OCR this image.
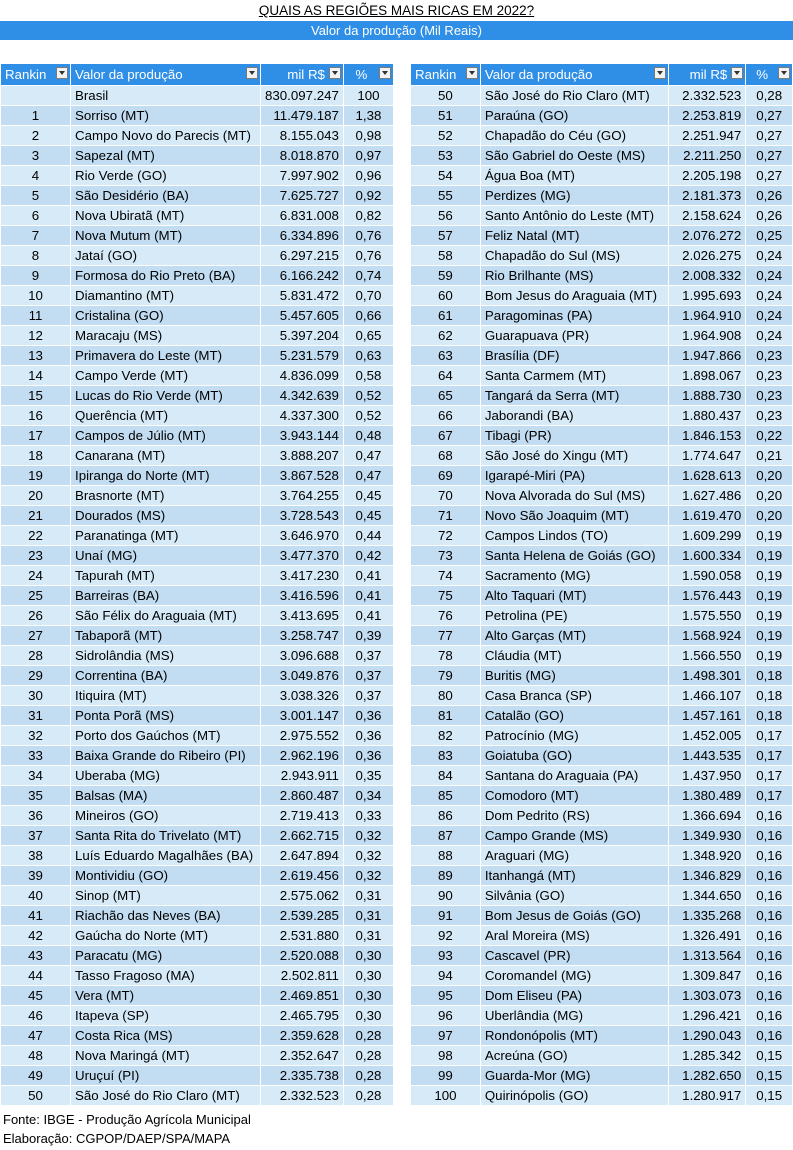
QUAIS AS REGIÕES MAIS RICAS EM 2022?
Valor da produção (Mil Reais)
Rankin	Valor da produção	mil R$	%

	Brasil	830.097.247	100
1	Sorriso (MT)	11.479.187	1,38
2	Campo Novo do Parecis (MT)	8.155.043	0,98
3	Sapezal (MT)	8.018.870	0,97
4	Rio Verde (GO)	7.997.902	0,96
5	São Desidério (BA)	7.625.727	0,92
6	Nova Ubiratã (MT)	6.831.008	0,82
7	Nova Mutum (MT)	6.334.896	0,76
8	Jataí (GO)	6.297.215	0,76
9	Formosa do Rio Preto (BA)	6.166.242	0,74
10	Diamantino (MT)	5.831.472	0,70
11	Cristalina (GO)	5.457.605	0,66
12	Maracaju (MS)	5.397.204	0,65
13	Primavera do Leste (MT)	5.231.579	0,63
14	Campo Verde (MT)	4.836.099	0,58
15	Lucas do Rio Verde (MT)	4.342.639	0,52
16	Querência (MT)	4.337.300	0,52
17	Campos de Júlio (MT)	3.943.144	0,48
18	Canarana (MT)	3.888.207	0,47
19	Ipiranga do Norte (MT)	3.867.528	0,47
20	Brasnorte (MT)	3.764.255	0,45
21	Dourados (MS)	3.728.543	0,45
22	Paranatinga (MT)	3.646.970	0,44
23	Unaí (MG)	3.477.370	0,42
24	Tapurah (MT)	3.417.230	0,41
25	Barreiras (BA)	3.416.596	0,41
26	São Félix do Araguaia (MT)	3.413.695	0,41
27	Tabaporã (MT)	3.258.747	0,39
28	Sidrolândia (MS)	3.096.688	0,37
29	Correntina (BA)	3.049.876	0,37
30	Itiquira (MT)	3.038.326	0,37
31	Ponta Porã (MS)	3.001.147	0,36
32	Porto dos Gaúchos (MT)	2.975.552	0,36
33	Baixa Grande do Ribeiro (PI)	2.962.196	0,36
34	Uberaba (MG)	2.943.911	0,35
35	Balsas (MA)	2.860.487	0,34
36	Mineiros (GO)	2.719.413	0,33
37	Santa Rita do Trivelato (MT)	2.662.715	0,32
38	Luís Eduardo Magalhães (BA)	2.647.894	0,32
39	Montividiu (GO)	2.619.456	0,32
40	Sinop (MT)	2.575.062	0,31
41	Riachão das Neves (BA)	2.539.285	0,31
42	Gaúcha do Norte (MT)	2.531.880	0,31
43	Paracatu (MG)	2.520.088	0,30
44	Tasso Fragoso (MA)	2.502.811	0,30
45	Vera (MT)	2.469.851	0,30
46	Itapeva (SP)	2.465.795	0,30
47	Costa Rica (MS)	2.359.628	0,28
48	Nova Maringá (MT)	2.352.647	0,28
49	Uruçuí (PI)	2.335.738	0,28
50	São José do Rio Claro (MT)	2.332.523	0,28
Rankin	Valor da produção	mil R$	%

50	São José do Rio Claro (MT)	2.332.523	0,28
51	Paraúna (GO)	2.253.819	0,27
52	Chapadão do Céu (GO)	2.251.947	0,27
53	São Gabriel do Oeste (MS)	2.211.250	0,27
54	Água Boa (MT)	2.205.198	0,27
55	Perdizes (MG)	2.181.373	0,26
56	Santo Antônio do Leste (MT)	2.158.624	0,26
57	Feliz Natal (MT)	2.076.272	0,25
58	Chapadão do Sul (MS)	2.026.275	0,24
59	Rio Brilhante (MS)	2.008.332	0,24
60	Bom Jesus do Araguaia (MT)	1.995.693	0,24
61	Paragominas (PA)	1.964.910	0,24
62	Guarapuava (PR)	1.964.908	0,24
63	Brasília (DF)	1.947.866	0,23
64	Santa Carmem (MT)	1.898.067	0,23
65	Tangará da Serra (MT)	1.888.730	0,23
66	Jaborandi (BA)	1.880.437	0,23
67	Tibagi (PR)	1.846.153	0,22
68	São José do Xingu (MT)	1.774.647	0,21
69	Igarapé-Miri (PA)	1.628.613	0,20
70	Nova Alvorada do Sul (MS)	1.627.486	0,20
71	Novo São Joaquim (MT)	1.619.470	0,20
72	Campos Lindos (TO)	1.609.299	0,19
73	Santa Helena de Goiás (GO)	1.600.334	0,19
74	Sacramento (MG)	1.590.058	0,19
75	Alto Taquari (MT)	1.576.443	0,19
76	Petrolina (PE)	1.575.550	0,19
77	Alto Garças (MT)	1.568.924	0,19
78	Cláudia (MT)	1.566.550	0,19
79	Buritis (MG)	1.498.301	0,18
80	Casa Branca (SP)	1.466.107	0,18
81	Catalão (GO)	1.457.161	0,18
82	Patrocínio (MG)	1.452.005	0,17
83	Goiatuba (GO)	1.443.535	0,17
84	Santana do Araguaia (PA)	1.437.950	0,17
85	Comodoro (MT)	1.380.489	0,17
86	Dom Pedrito (RS)	1.366.694	0,16
87	Campo Grande (MS)	1.349.930	0,16
88	Araguari (MG)	1.348.920	0,16
89	Itanhangá (MT)	1.346.829	0,16
90	Silvânia (GO)	1.344.650	0,16
91	Bom Jesus de Goiás (GO)	1.335.268	0,16
92	Aral Moreira (MS)	1.326.491	0,16
93	Cascavel (PR)	1.313.564	0,16
94	Coromandel (MG)	1.309.847	0,16
95	Dom Eliseu (PA)	1.303.073	0,16
96	Uberlândia (MG)	1.296.421	0,16
97	Rondonópolis (MT)	1.290.043	0,16
98	Acreúna (GO)	1.285.342	0,15
99	Guarda-Mor (MG)	1.282.650	0,15
100	Quirinópolis (GO)	1.280.917	0,15
Fonte: IBGE - Produção Agrícola Municipal
Elaboração: CGPOP/DAEP/SPA/MAPA
